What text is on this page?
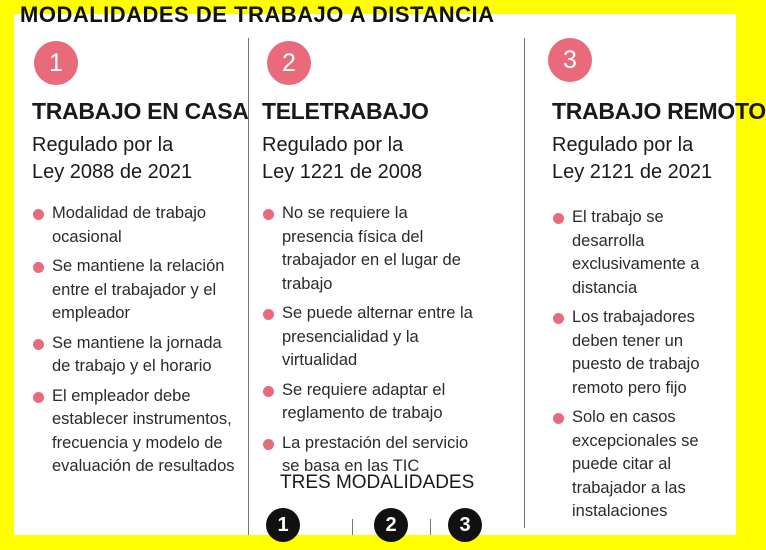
MODALIDADES DE TRABAJO A DISTANCIA
1
TRABAJO EN CASA
Regulado por la
Ley 2088 de 2021
Modalidad de trabajo ocasional
Se mantiene la relación entre el trabajador y el empleador
Se mantiene la jornada de trabajo y el horario
El empleador debe establecer instrumentos, frecuencia y modelo de evaluación de resultados
2
TELETRABAJO
Regulado por la
Ley 1221 de 2008
No se requiere la presencia física del trabajador en el lugar de trabajo
Se puede alternar entre la presencialidad y la virtualidad
Se requiere adaptar el reglamento de trabajo
La prestación del servicio se basa en las TIC
TRES MODALIDADES
3
TRABAJO REMOTO
Regulado por la
Ley 2121 de 2021
El trabajo se desarrolla exclusivamente a distancia
Los trabajadores deben tener un puesto de trabajo remoto pero fijo
Solo en casos excepcionales se puede citar al trabajador a las instalaciones
1	2	3
